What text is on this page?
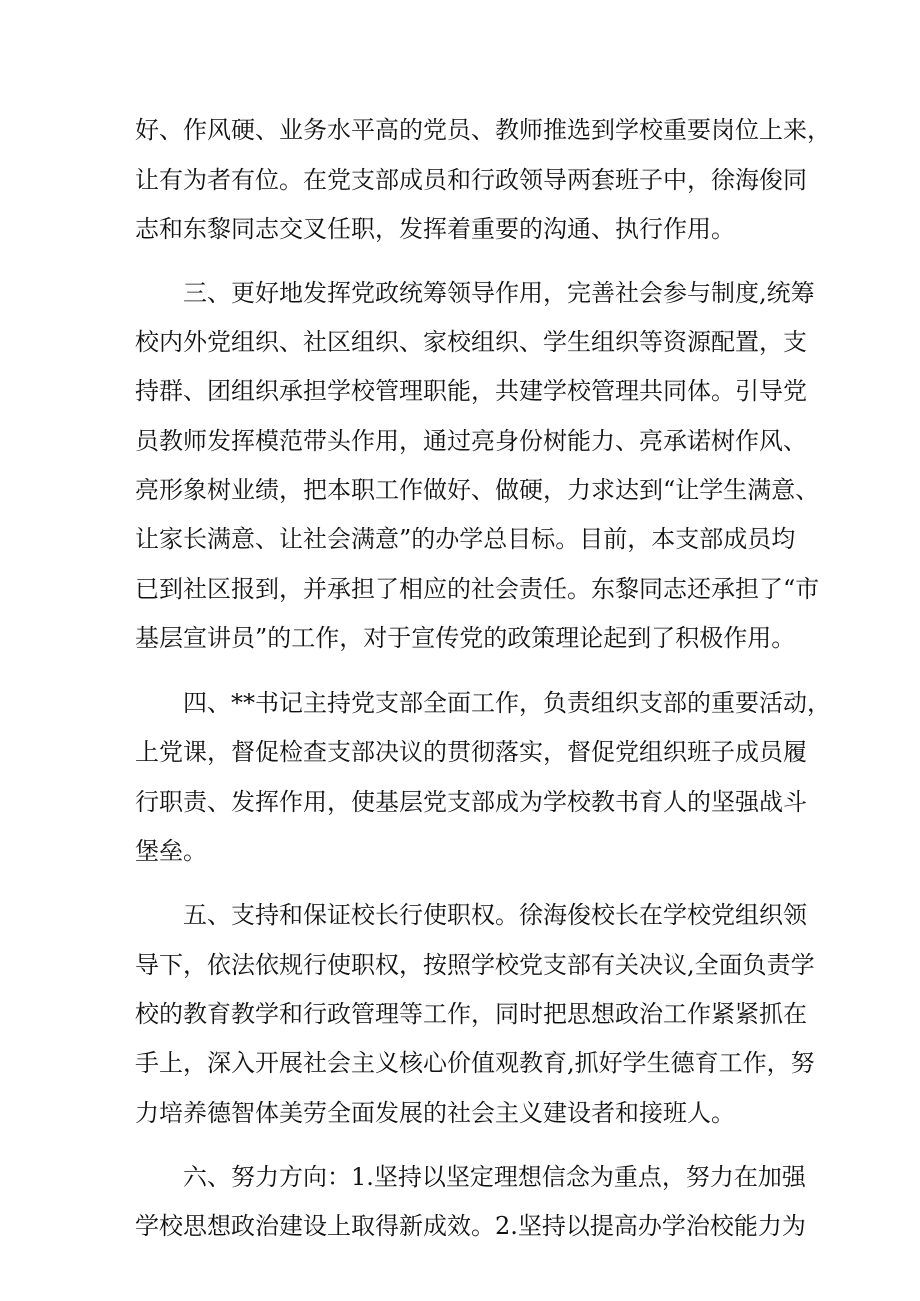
好、作风硬、业务水平高的党员、教师推选到学校重要岗位上来，
让有为者有位。在党支部成员和行政领导两套班子中，徐海俊同
志和东黎同志交叉任职，发挥着重要的沟通、执行作用。
　　三、更好地发挥党政统筹领导作用，完善社会参与制度,统筹
校内外党组织、社区组织、家校组织、学生组织等资源配置，支
持群、团组织承担学校管理职能，共建学校管理共同体。引导党
员教师发挥模范带头作用，通过亮身份树能力、亮承诺树作风、
亮形象树业绩，把本职工作做好、做硬，力求达到“让学生满意、
让家长满意、让社会满意”的办学总目标。目前，本支部成员均
已到社区报到，并承担了相应的社会责任。东黎同志还承担了“市
基层宣讲员”的工作，对于宣传党的政策理论起到了积极作用。
　　四、**书记主持党支部全面工作，负责组织支部的重要活动，
上党课，督促检查支部决议的贯彻落实，督促党组织班子成员履
行职责、发挥作用，使基层党支部成为学校教书育人的坚强战斗
堡垒。
　　五、支持和保证校长行使职权。徐海俊校长在学校党组织领
导下，依法依规行使职权，按照学校党支部有关决议,全面负责学
校的教育教学和行政管理等工作，同时把思想政治工作紧紧抓在
手上，深入开展社会主义核心价值观教育,抓好学生德育工作，努
力培养德智体美劳全面发展的社会主义建设者和接班人。
　　六、努力方向：1.坚持以坚定理想信念为重点，努力在加强
学校思想政治建设上取得新成效。2.坚持以提高办学治校能力为
